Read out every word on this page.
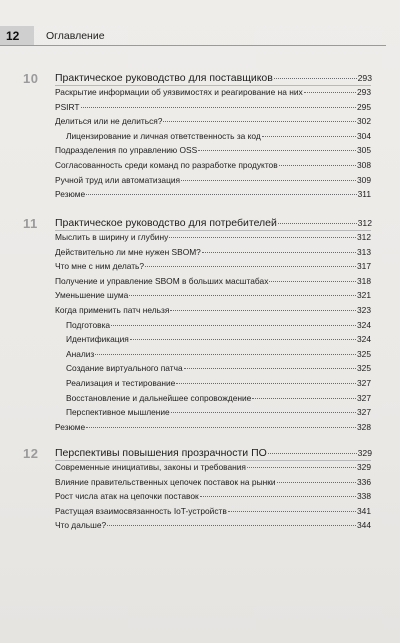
12	Оглавление
10 Практическое руководство для поставщиков	293
Раскрытие информации об уязвимостях и реагирование на них	293
PSIRT	295
Делиться или не делиться?	302
Лицензирование и личная ответственность за код	304
Подразделения по управлению OSS	305
Согласованность среди команд по разработке продуктов	308
Ручной труд или автоматизация	309
Резюме	311
11 Практическое руководство для потребителей	312
Мыслить в ширину и глубину	312
Действительно ли мне нужен SBOM?	313
Что мне с ним делать?	317
Получение и управление SBOM в больших масштабах	318
Уменьшение шума	321
Когда применить патч нельзя	323
Подготовка	324
Идентификация	324
Анализ	325
Создание виртуального патча	325
Реализация и тестирование	327
Восстановление и дальнейшее сопровождение	327
Перспективное мышление	327
Резюме	328
12 Перспективы повышения прозрачности ПО	329
Современные инициативы, законы и требования	329
Влияние правительственных цепочек поставок на рынки	336
Рост числа атак на цепочки поставок	338
Растущая взаимосвязанность IoT-устройств	341
Что дальше?	344
